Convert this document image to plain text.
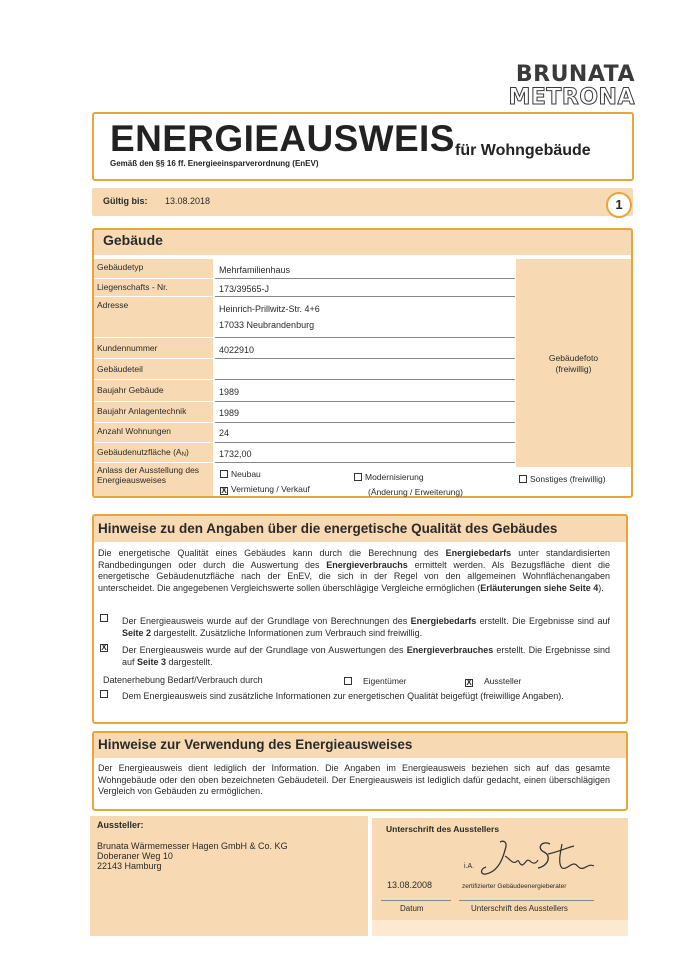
BRUNATA
METRONA
ENERGIEAUSWEIS für Wohngebäude
Gemäß den §§ 16 ff. Energieeinsparverordnung (EnEV)
Gültig bis: 13.08.2018	1
Gebäude
Gebäudefoto
(freiwillig)
Gebäudetyp	Mehrfamilienhaus
Liegenschafts - Nr.	173/39565-J
Adresse	Heinrich-Prillwitz-Str. 4+6
17033 Neubrandenburg
Kundennummer	4022910
Gebäudeteil
Baujahr Gebäude	1989
Baujahr Anlagentechnik	1989
Anzahl Wohnungen	24
Gebäudenutzfläche (AN)	1732,00
Anlass der Ausstellung des Energieausweises
Neubau
X Vermietung / Verkauf
Modernisierung
(Änderung / Erweiterung)
Sonstiges (freiwillig)
Hinweise zu den Angaben über die energetische Qualität des Gebäudes
Die energetische Qualität eines Gebäudes kann durch die Berechnung des Energiebedarfs unter standardisierten Randbedingungen oder durch die Auswertung des Energieverbrauchs ermittelt werden. Als Bezugsfläche dient die energetische Gebäudenutzfläche nach der EnEV, die sich in der Regel von den allgemeinen Wohnflächenangaben unterscheidet. Die angegebenen Vergleichswerte sollen überschlägige Vergleiche ermöglichen (Erläuterungen siehe Seite 4).
Der Energieausweis wurde auf der Grundlage von Berechnungen des Energiebedarfs erstellt. Die Ergebnisse sind auf Seite 2 dargestellt. Zusätzliche Informationen zum Verbrauch sind freiwillig.
X Der Energieausweis wurde auf der Grundlage von Auswertungen des Energieverbrauches erstellt. Die Ergebnisse sind auf Seite 3 dargestellt.
Datenerhebung Bedarf/Verbrauch durch	Eigentümer	X Aussteller
Dem Energieausweis sind zusätzliche Informationen zur energetischen Qualität beigefügt (freiwillige Angaben).
Hinweise zur Verwendung des Energieausweises
Der Energieausweis dient lediglich der Information. Die Angaben im Energieausweis beziehen sich auf das gesamte Wohngebäude oder den oben bezeichneten Gebäudeteil. Der Energieausweis ist lediglich dafür gedacht, einen überschlägigen Vergleich von Gebäuden zu ermöglichen.
Aussteller:
Brunata Wärmemesser Hagen GmbH & Co. KG
Doberaner Weg 10
22143 Hamburg
Unterschrift des Ausstellers
i.A.
13.08.2008	zertifizierter Gebäudeenergieberater
Datum	Unterschrift des Ausstellers
